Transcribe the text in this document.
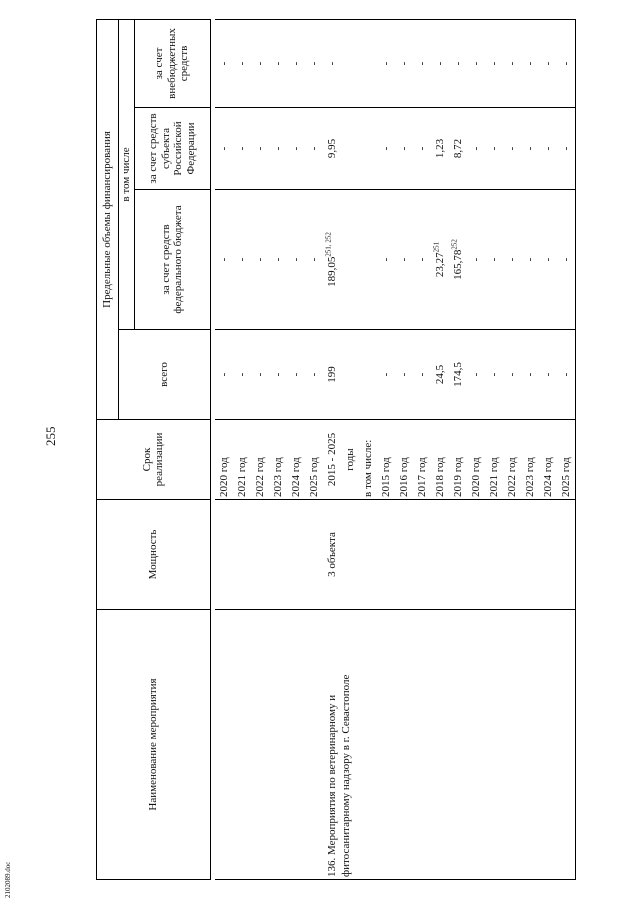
255
2102089.doc
Наименование мероприятия	Мощность	Срок реализации	Предельные объемы финансирования			
			всего	в том числе		
				за счет средств федерального бюджета	за счет средств субъекта Российской Федерации	за счет внебюджетных средств

		2020 год	-	-	-	-
		2021 год	-	-	-	-
		2022 год	-	-	-	-
		2023 год	-	-	-	-
		2024 год	-	-	-	-
		2025 год	-	-	-	-
136. Мероприятия по ветеринарному и фитосанитарному надзору в г. Севастополе	3 объекта	2015 - 2025	199	189,05$^{251, 252}$	9,95	-
		годы				
		в том числе:				
		2015 год	-	-	-	-
		2016 год	-	-	-	-
		2017 год	-	-	-	-
		2018 год	24,5	23,27$^{251}$	1,23	-
		2019 год	174,5	165,78$^{252}$	8,72	-
		2020 год	-	-	-	-
		2021 год	-	-	-	-
		2022 год	-	-	-	-
		2023 год	-	-	-	-
		2024 год	-	-	-	-
		2025 год	-	-	-	-
